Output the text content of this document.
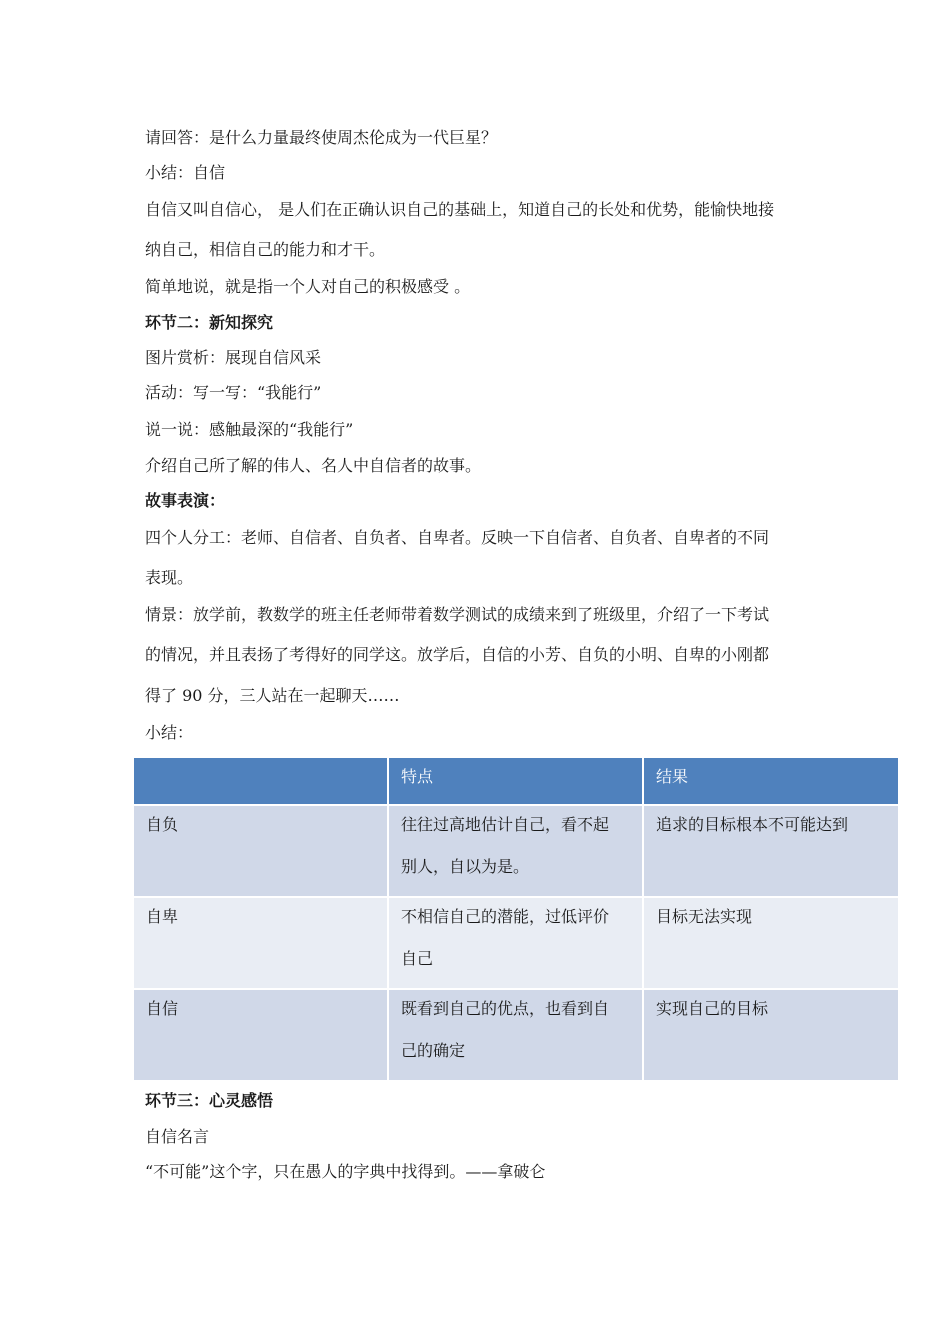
请回答：是什么力量最终使周杰伦成为一代巨星？
小结：自信
自信又叫自信心， 是人们在正确认识自己的基础上，知道自己的长处和优势，能愉快地接
纳自己，相信自己的能力和才干。
简单地说，就是指一个人对自己的积极感受 。
环节二：新知探究
图片赏析：展现自信风采
活动：写一写：“我能行”
说一说：感触最深的“我能行”
介绍自己所了解的伟人、名人中自信者的故事。
故事表演：
四个人分工：老师、自信者、自负者、自卑者。反映一下自信者、自负者、自卑者的不同
表现。
情景：放学前，教数学的班主任老师带着数学测试的成绩来到了班级里，介绍了一下考试
的情况，并且表扬了考得好的同学这。放学后，自信的小芳、自负的小明、自卑的小刚都
得了 90 分，三人站在一起聊天……
小结：
	特点	结果

自负	往往过高地估计自己，看不起
别人，自以为是。	追求的目标根本不可能达到

自卑	不相信自己的潜能，过低评价
自己	目标无法实现

自信	既看到自己的优点，也看到自
己的确定	实现自己的目标
环节三：心灵感悟
自信名言
“不可能”这个字，只在愚人的字典中找得到。——拿破仑
